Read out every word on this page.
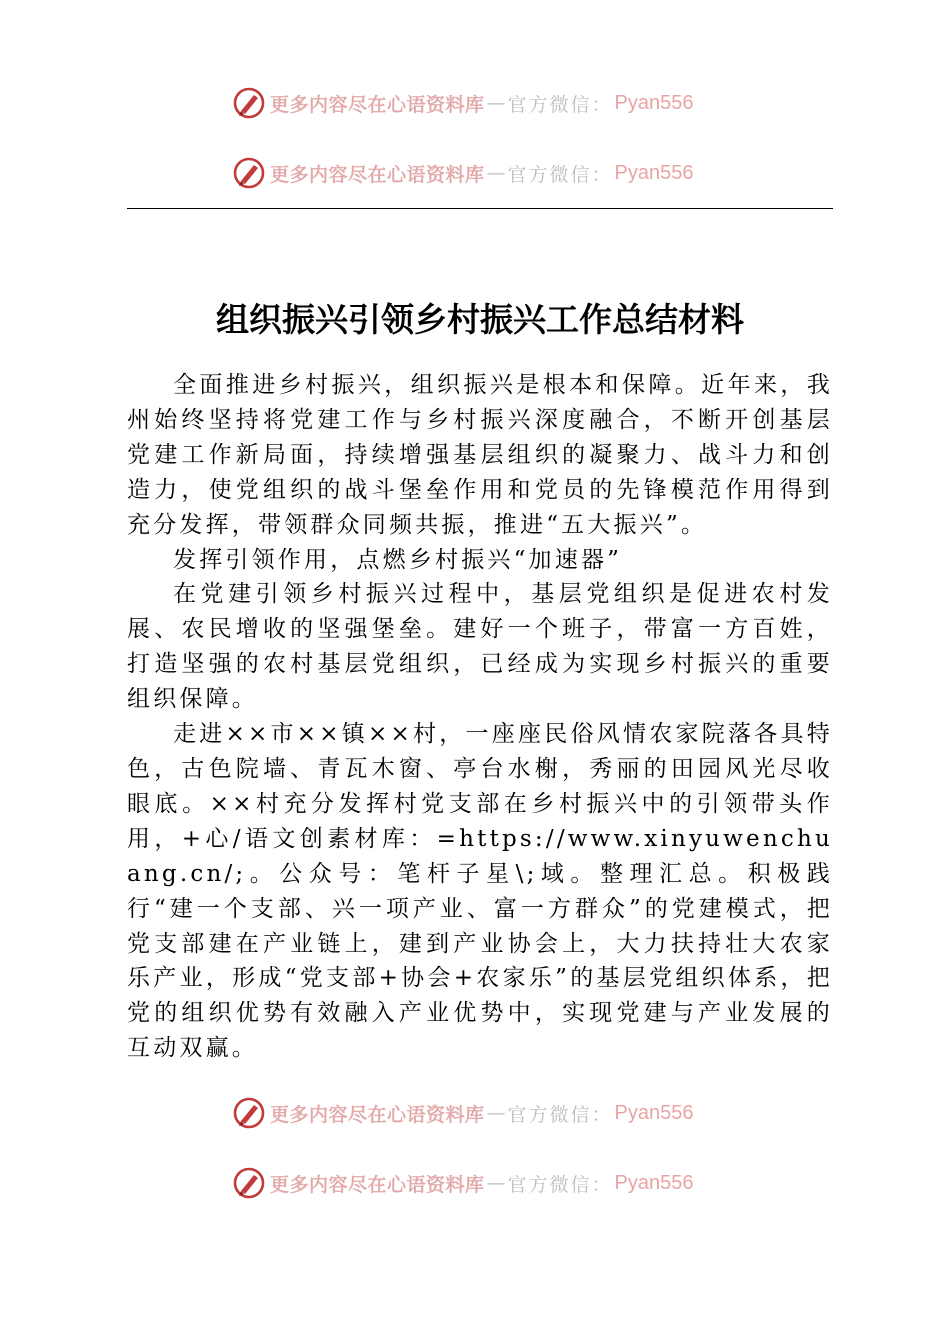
更多内容尽在心语资料库 — 官方微信： Pyan556
更多内容尽在心语资料库 — 官方微信： Pyan556
组织振兴引领乡村振兴工作总结材料

全面推进乡村振兴，组织振兴是根本和保障。近年来，我州始终坚持将党建工作与乡村振兴深度融合，不断开创基层党建工作新局面，持续增强基层组织的凝聚力、战斗力和创造力，使党组织的战斗堡垒作用和党员的先锋模范作用得到充分发挥，带领群众同频共振，推进“五大振兴”。

发挥引领作用，点燃乡村振兴“加速器”

在党建引领乡村振兴过程中，基层党组织是促进农村发展、农民增收的坚强堡垒。建好一个班子，带富一方百姓，打造坚强的农村基层党组织，已经成为实现乡村振兴的重要组织保障。

走进××市××镇××村，一座座民俗风情农家院落各具特色，古色院墙、青瓦木窗、亭台水榭，秀丽的田园风光尽收眼底。××村充分发挥村党支部在乡村振兴中的引领带头作用，+心/语文创素材库：=https://www.xinyuwenchuang.cn/;。公众号：笔杆子星\;域。整理汇总。积极践行“建一个支部、兴一项产业、富一方群众”的党建模式，把党支部建在产业链上，建到产业协会上，大力扶持壮大农家乐产业，形成“党支部+协会+农家乐”的基层党组织体系，把党的组织优势有效融入产业优势中，实现党建与产业发展的互动双赢。

更多内容尽在心语资料库 — 官方微信： Pyan556
更多内容尽在心语资料库 — 官方微信： Pyan556
